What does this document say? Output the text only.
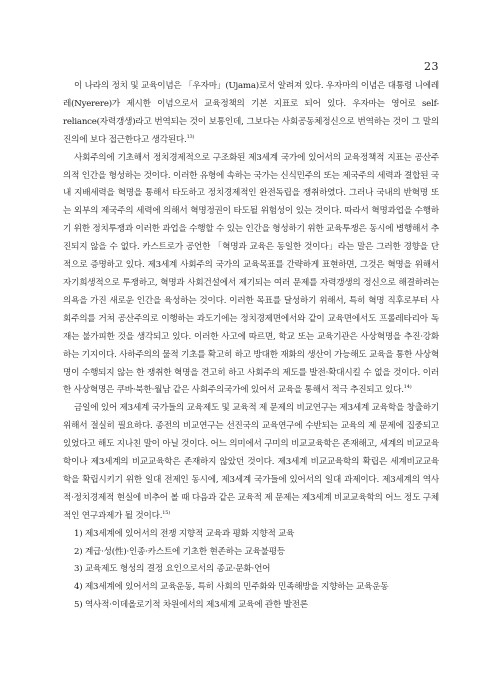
23

이 나라의 정치 및 교육이념은 「우자마」(Ujama)로서 알려져 있다. 우자마의 이념은 대통령 니에레레(Nyerere)가 제시한 이념으로서 교육정책의 기본 지표로 되어 있다. 우자마는 영어로 self-reliance(자력갱생)라고 번역되는 것이 보통인데, 그보다는 사회공동체정신으로 번역하는 것이 그 말의 진의에 보다 접근한다고 생각된다.$^{13)}$

사회주의에 기초해서 정치경제적으로 구조화된 제3세계 국가에 있어서의 교육정책적 지표는 공산주의적 인간을 형성하는 것이다. 이러한 유형에 속하는 국가는 신식민주의 또는 제국주의 세력과 결합된 국내 지배세력을 혁명을 통해서 타도하고 정치경제적인 완전독립을 쟁취하였다. 그러나 국내의 반혁명 또는 외부의 제국주의 세력에 의해서 혁명정권이 타도될 위험성이 있는 것이다. 따라서 혁명과업을 수행하기 위한 정치투쟁과 이러한 과업을 수행할 수 있는 인간을 형성하기 위한 교육투쟁은 동시에 병행해서 추진되지 않을 수 없다. 카스트로가 공언한 「혁명과 교육은 동일한 것이다」라는 말은 그러한 경향을 단적으로 증명하고 있다. 제3세계 사회주의 국가의 교육목표를 간략하게 표현하면, 그것은 혁명을 위해서 자기희생적으로 투쟁하고, 혁명과 사회건설에서 제기되는 여러 문제를 자력갱생의 정신으로 해결하려는 의욕을 가진 새로운 인간을 육성하는 것이다. 이러한 목표를 달성하기 위해서, 특히 혁명 직후로부터 사회주의를 거쳐 공산주의로 이행하는 과도기에는 정치경제면에서와 같이 교육면에서도 프롤레타리아 독재는 불가피한 것을 생각되고 있다. 이러한 사고에 따르면, 학교 또는 교육기관은 사상혁명을 추진·강화하는 기지이다. 사하주의의 물적 기초를 확고히 하고 방대한 재화의 생산이 가능해도 교육을 통한 사상혁명이 수행되지 않는 한 쟁취한 혁명을 견고히 하고 사회주의 제도를 발전·확대시킬 수 없을 것이다. 이러한 사상혁명은 쿠바·북한·월남 같은 사회주의국가에 있어서 교육을 통해서 적극 추진되고 있다.$^{14)}$

금일에 있어 제3세계 국가들의 교육제도 및 교육적 제 문제의 비교연구는 제3세계 교육학을 창출하기 위해서 절실히 필요하다. 종전의 비교연구는 선진국의 교육연구에 수반되는 교육의 제 문제에 집중되고 있었다고 해도 지나친 말이 아닐 것이다. 어느 의미에서 구미의 비교교육학은 존재해고, 세계의 비교교육학이나 제3세계의 비교교육학은 존재하지 않았던 것이다. 제3세계 비교교육학의 확립은 세계비교교육학을 확립시키기 위한 일대 전제인 동시에, 제3세계 국가들에 있어서의 일대 과제이다. 제3세계의 역사적·정치경제적 현실에 비추어 볼 때 다음과 같은 교육적 제 문제는 제3세계 비교교육학의 어느 정도 구체적인 연구과제가 될 것이다.$^{15)}$

1) 제3세계에 있어서의 전쟁 지향적 교육과 평화 지향적 교육
2) 계급·성(性)·인종·카스트에 기초한 현존하는 교육불평등
3) 교육제도 형성의 결정 요인으로서의 종교·문화·언어
4) 제3세계에 있어서의 교육운동, 특히 사회의 민주화와 민족해방을 지향하는 교육운동
5) 역사적·이데올로기적 차원에서의 제3세계 교육에 관한 발전론
